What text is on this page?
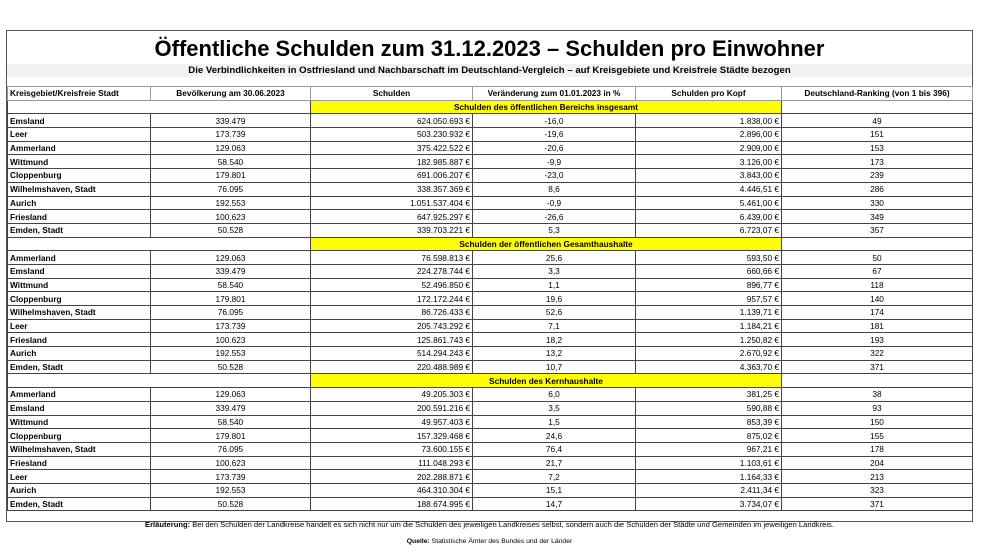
Öffentliche Schulden zum 31.12.2023 – Schulden pro Einwohner
Die Verbindlichkeiten in Ostfriesland und Nachbarschaft im Deutschland-Vergleich – auf Kreisgebiete und Kreisfreie Städte bezogen
Kreisgebiet/Kreisfreie Stadt	Bevölkerung am 30.06.2023	Schulden	Veränderung zum 01.01.2023 in %	Schulden pro Kopf	Deutschland-Ranking (von 1 bis 396)
		Schulden des öffentlichen Bereichs insgesamt			
Emsland	339.479	624.050.693 €	-16,0	1.838,00 €	49
Leer	173.739	503.230.932 €	-19,6	2.896,00 €	151
Ammerland	129.063	375.422.522 €	-20,6	2.909,00 €	153
Wittmund	58.540	182.985.887 €	-9,9	3.126,00 €	173
Cloppenburg	179.801	691.006.207 €	-23,0	3.843,00 €	239
Wilhelmshaven, Stadt	76.095	338.357.369 €	8,6	4.446,51 €	286
Aurich	192.553	1.051.537.404 €	-0,9	5.461,00 €	330
Friesland	100.623	647.925.297 €	-26,6	6.439,00 €	349
Emden, Stadt	50.528	339.703.221 €	5,3	6.723,07 €	357
		Schulden der öffentlichen Gesamthaushalte			
Ammerland	129.063	76.598.813 €	25,6	593,50 €	50
Emsland	339.479	224.278.744 €	3,3	660,66 €	67
Wittmund	58.540	52.496.850 €	1,1	896,77 €	118
Cloppenburg	179.801	172.172.244 €	19,6	957,57 €	140
Wilhelmshaven, Stadt	76.095	86.726.433 €	52,6	1.139,71 €	174
Leer	173.739	205.743.292 €	7,1	1.184,21 €	181
Friesland	100.623	125.861.743 €	18,2	1.250,82 €	193
Aurich	192.553	514.294.243 €	13,2	2.670,92 €	322
Emden, Stadt	50.528	220.488.989 €	10,7	4.363,70 €	371
		Schulden des Kernhaushalte			
Ammerland	129.063	49.205.303 €	6,0	381,25 €	38
Emsland	339.479	200.591.216 €	3,5	590,88 €	93
Wittmund	58.540	49.957.403 €	1,5	853,39 €	150
Cloppenburg	179.801	157.329.468 €	24,6	875,02 €	155
Wilhelmshaven, Stadt	76.095	73.600.155 €	76,4	967,21 €	178
Friesland	100.623	111.048.293 €	21,7	1.103,61 €	204
Leer	173.739	202.288.871 €	7,2	1.164,33 €	213
Aurich	192.553	464.310.304 €	15,1	2.411,34 €	323
Emden, Stadt	50.528	188.674.995 €	14,7	3.734,07 €	371
Erläuterung: Bei den Schulden der Landkreise handelt es sich nicht nur um die Schulden des jeweiligen Landkreises selbst, sondern auch die Schulden der Städte und Gemeinden im jeweiligen Landkreis.
Quelle: Statistische Ämter des Bundes und der Länder
